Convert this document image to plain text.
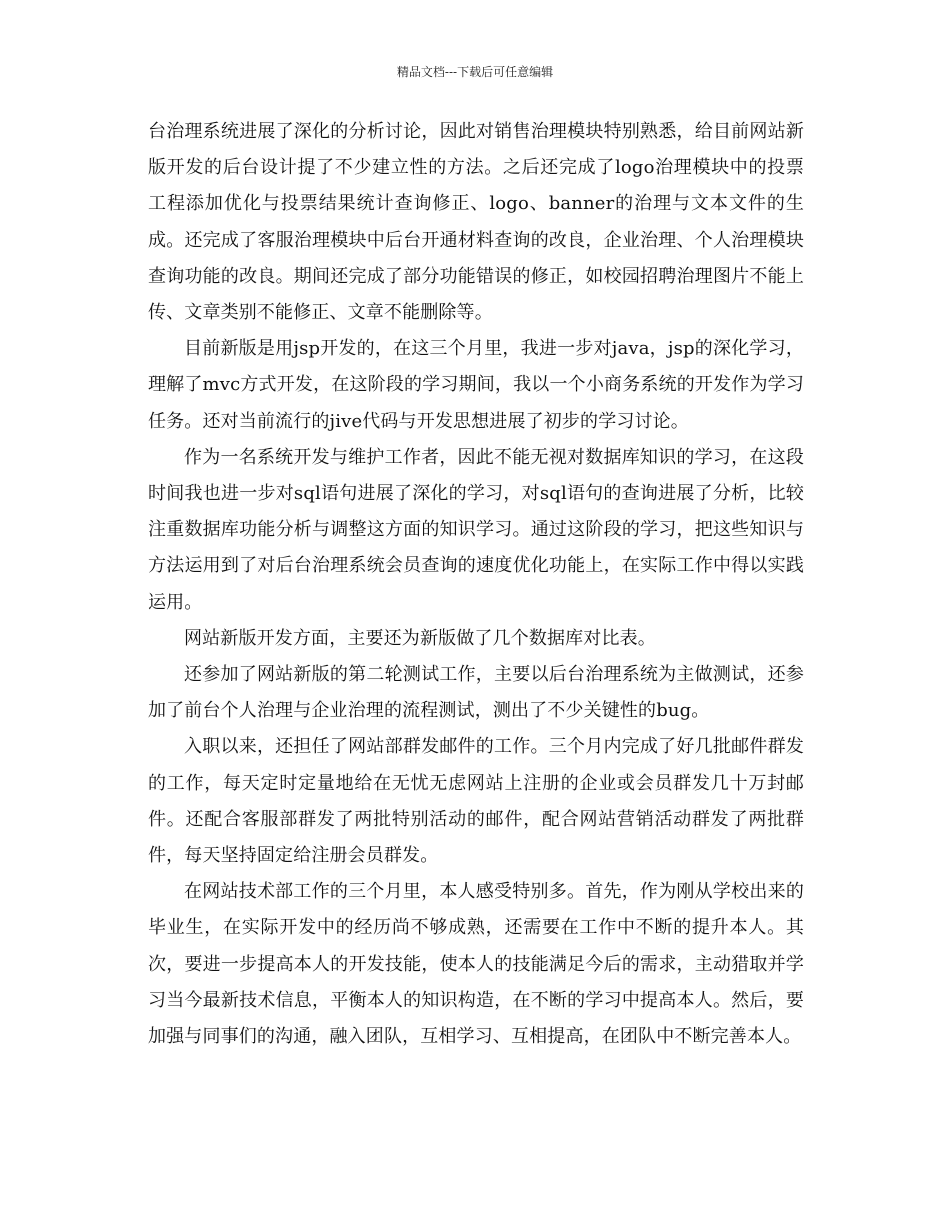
精品文档---下载后可任意编辑

台治理系统进展了深化的分析讨论，因此对销售治理模块特别熟悉，给目前网站新版开发的后台设计提了不少建立性的方法。之后还完成了logo治理模块中的投票工程添加优化与投票结果统计查询修正、logo、banner的治理与文本文件的生成。还完成了客服治理模块中后台开通材料查询的改良，企业治理、个人治理模块查询功能的改良。期间还完成了部分功能错误的修正，如校园招聘治理图片不能上传、文章类别不能修正、文章不能删除等。

目前新版是用jsp开发的，在这三个月里，我进一步对java，jsp的深化学习，理解了mvc方式开发，在这阶段的学习期间，我以一个小商务系统的开发作为学习任务。还对当前流行的jive代码与开发思想进展了初步的学习讨论。

作为一名系统开发与维护工作者，因此不能无视对数据库知识的学习，在这段时间我也进一步对sql语句进展了深化的学习，对sql语句的查询进展了分析，比较注重数据库功能分析与调整这方面的知识学习。通过这阶段的学习，把这些知识与方法运用到了对后台治理系统会员查询的速度优化功能上，在实际工作中得以实践运用。

网站新版开发方面，主要还为新版做了几个数据库对比表。

还参加了网站新版的第二轮测试工作，主要以后台治理系统为主做测试，还参加了前台个人治理与企业治理的流程测试，测出了不少关键性的bug。

入职以来，还担任了网站部群发邮件的工作。三个月内完成了好几批邮件群发的工作，每天定时定量地给在无忧无虑网站上注册的企业或会员群发几十万封邮件。还配合客服部群发了两批特别活动的邮件，配合网站营销活动群发了两批群件，每天坚持固定给注册会员群发。

在网站技术部工作的三个月里，本人感受特别多。首先，作为刚从学校出来的毕业生，在实际开发中的经历尚不够成熟，还需要在工作中不断的提升本人。其次，要进一步提高本人的开发技能，使本人的技能满足今后的需求，主动猎取并学习当今最新技术信息，平衡本人的知识构造，在不断的学习中提高本人。然后，要加强与同事们的沟通，融入团队，互相学习、互相提高，在团队中不断完善本人。
